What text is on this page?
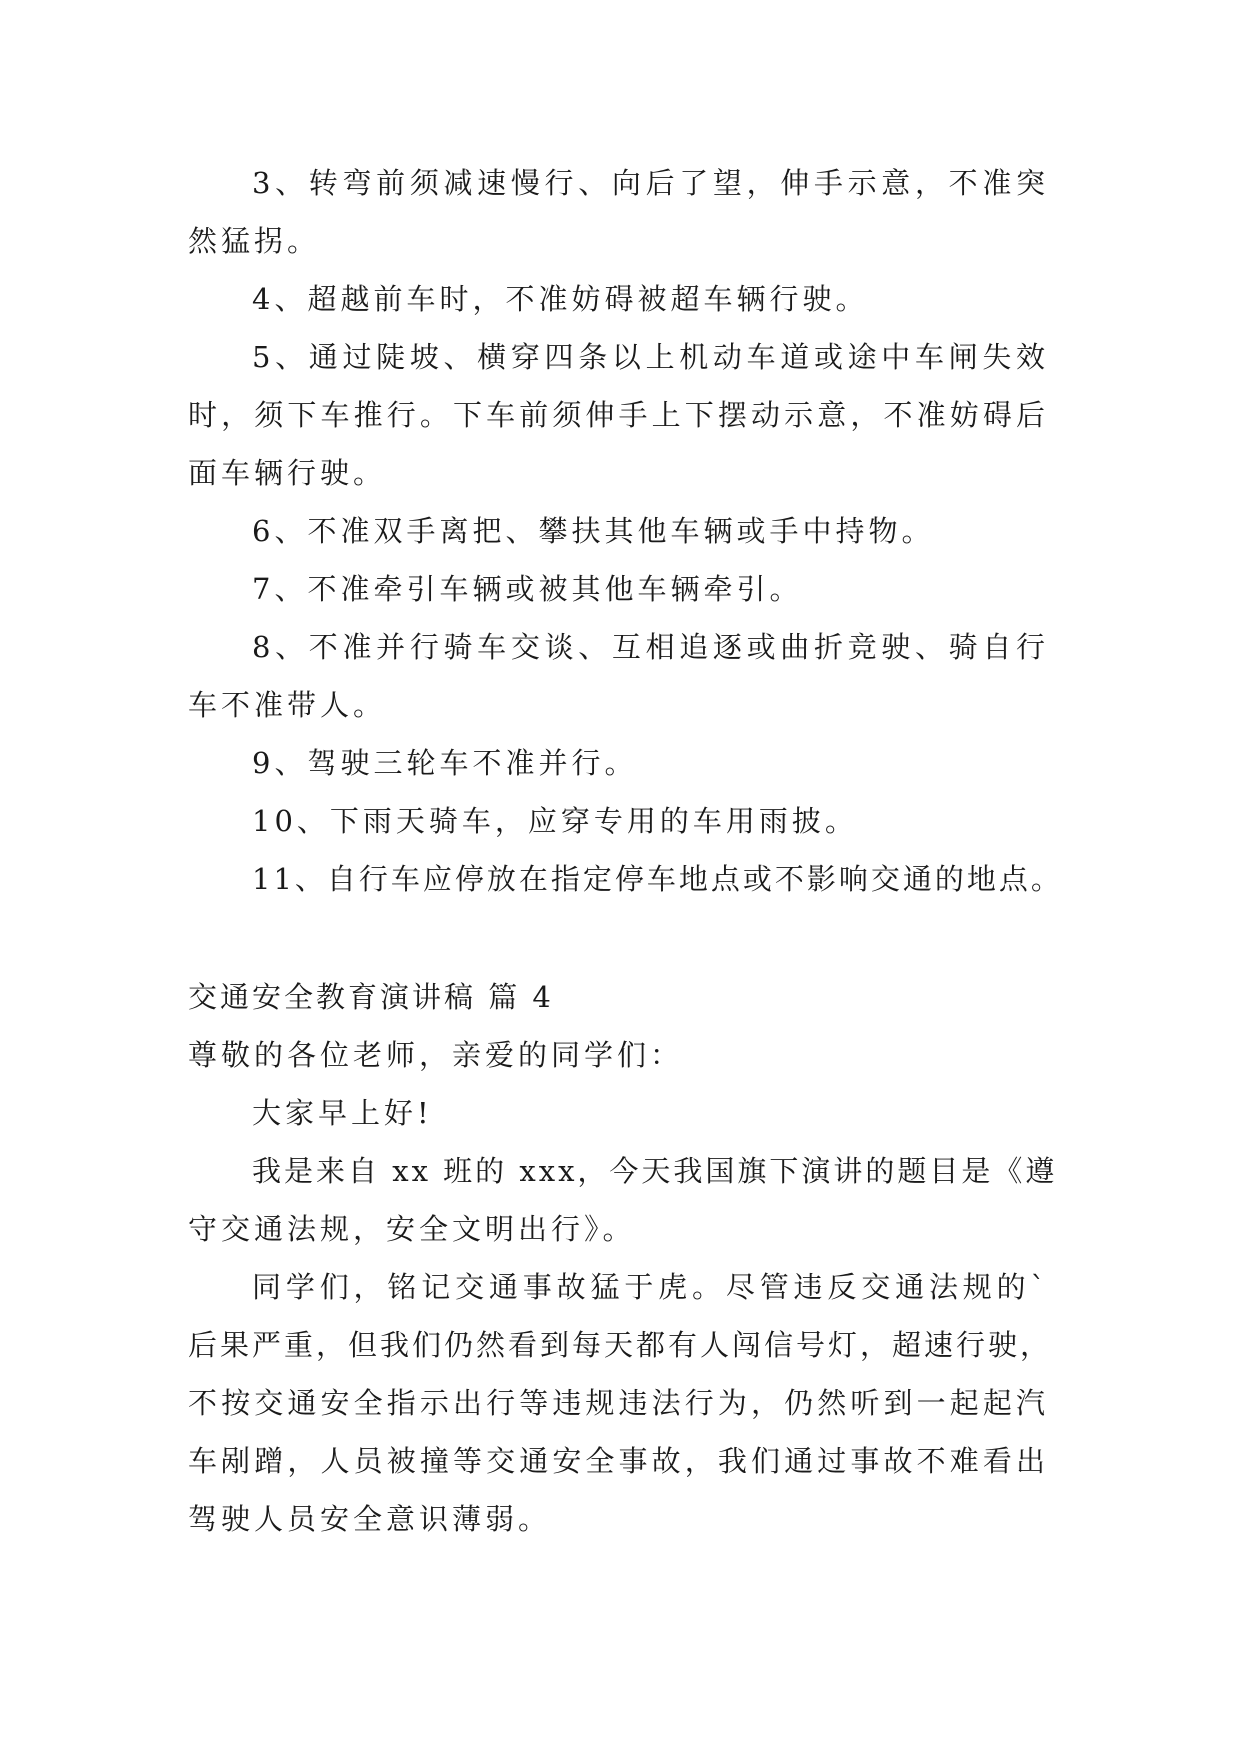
3、转弯前须减速慢行、向后了望，伸手示意，不准突
然猛拐。
4、超越前车时，不准妨碍被超车辆行驶。
5、通过陡坡、横穿四条以上机动车道或途中车闸失效
时，须下车推行。下车前须伸手上下摆动示意，不准妨碍后
面车辆行驶。
6、不准双手离把、攀扶其他车辆或手中持物。
7、不准牵引车辆或被其他车辆牵引。
8、不准并行骑车交谈、互相追逐或曲折竞驶、骑自行
车不准带人。
9、驾驶三轮车不准并行。
10、下雨天骑车，应穿专用的车用雨披。
11、自行车应停放在指定停车地点或不影响交通的地点。
交通安全教育演讲稿 篇 4
尊敬的各位老师，亲爱的同学们：
大家早上好!
我是来自 xx 班的 xxx，今天我国旗下演讲的题目是《遵
守交通法规，安全文明出行》。
同学们，铭记交通事故猛于虎。尽管违反交通法规的`
后果严重，但我们仍然看到每天都有人闯信号灯，超速行驶，
不按交通安全指示出行等违规违法行为，仍然听到一起起汽
车剐蹭，人员被撞等交通安全事故，我们通过事故不难看出
驾驶人员安全意识薄弱。
